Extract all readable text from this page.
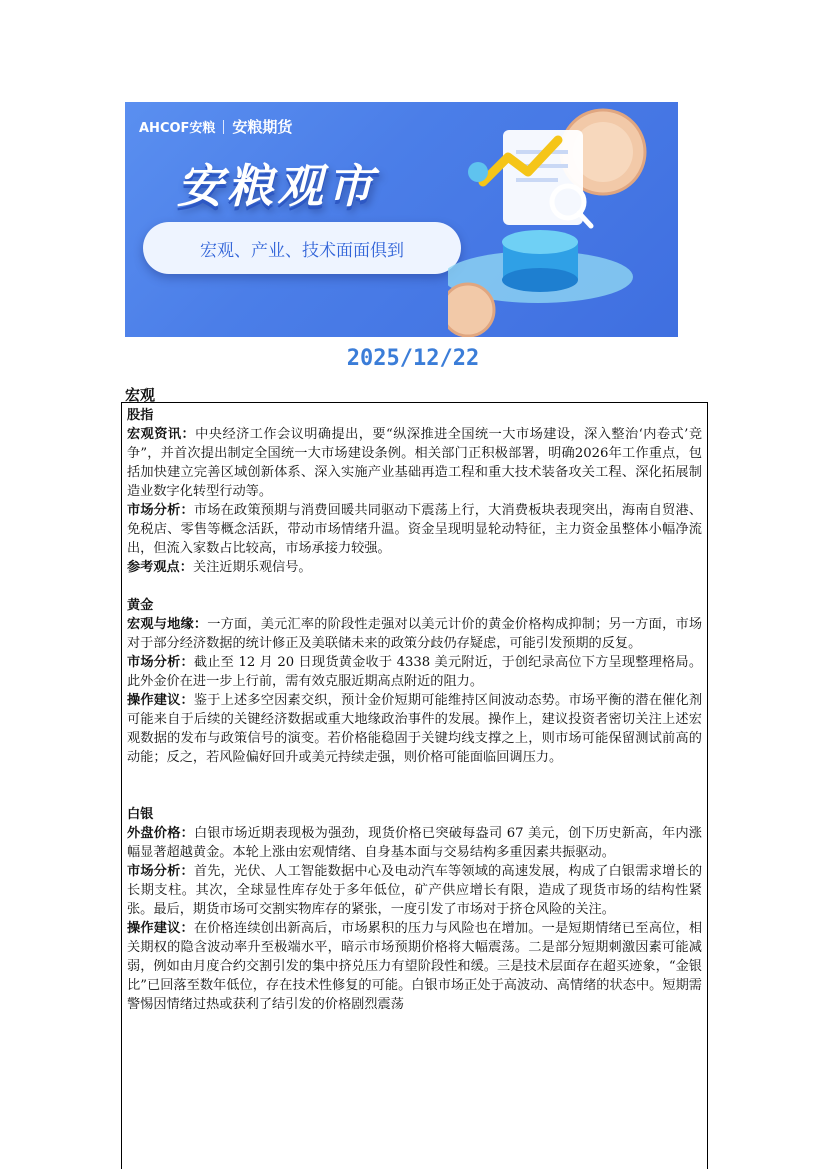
AHCOF安粮 安粮期货
安粮观市
宏观、产业、技术面面俱到
2025/12/22
宏观

股指

宏观资讯：中央经济工作会议明确提出，要“纵深推进全国统一大市场建设，深入整治‘内卷式’竞争”，并首次提出制定全国统一大市场建设条例。相关部门正积极部署，明确2026年工作重点，包括加快建立完善区域创新体系、深入实施产业基础再造工程和重大技术装备攻关工程、深化拓展制造业数字化转型行动等。

市场分析：市场在政策预期与消费回暖共同驱动下震荡上行，大消费板块表现突出，海南自贸港、免税店、零售等概念活跃，带动市场情绪升温。资金呈现明显轮动特征，主力资金虽整体小幅净流出，但流入家数占比较高，市场承接力较强。

参考观点：关注近期乐观信号。

黄金

宏观与地缘：一方面，美元汇率的阶段性走强对以美元计价的黄金价格构成抑制；另一方面，市场对于部分经济数据的统计修正及美联储未来的政策分歧仍存疑虑，可能引发预期的反复。

市场分析：截止至 12 月 20 日现货黄金收于 4338 美元附近，于创纪录高位下方呈现整理格局。此外金价在进一步上行前，需有效克服近期高点附近的阻力。

操作建议：鉴于上述多空因素交织，预计金价短期可能维持区间波动态势。市场平衡的潜在催化剂可能来自于后续的关键经济数据或重大地缘政治事件的发展。操作上，建议投资者密切关注上述宏观数据的发布与政策信号的演变。若价格能稳固于关键均线支撑之上，则市场可能保留测试前高的动能；反之，若风险偏好回升或美元持续走强，则价格可能面临回调压力。

白银

外盘价格：白银市场近期表现极为强劲，现货价格已突破每盎司 67 美元，创下历史新高，年内涨幅显著超越黄金。本轮上涨由宏观情绪、自身基本面与交易结构多重因素共振驱动。

市场分析：首先，光伏、人工智能数据中心及电动汽车等领域的高速发展，构成了白银需求增长的长期支柱。其次，全球显性库存处于多年低位，矿产供应增长有限，造成了现货市场的结构性紧张。最后，期货市场可交割实物库存的紧张，一度引发了市场对于挤仓风险的关注。

操作建议：在价格连续创出新高后，市场累积的压力与风险也在增加。一是短期情绪已至高位，相关期权的隐含波动率升至极端水平，暗示市场预期价格将大幅震荡。二是部分短期刺激因素可能减弱，例如由月度合约交割引发的集中挤兑压力有望阶段性和缓。三是技术层面存在超买迹象，“金银比”已回落至数年低位，存在技术性修复的可能。白银市场正处于高波动、高情绪的状态中。短期需警惕因情绪过热或获利了结引发的价格剧烈震荡
